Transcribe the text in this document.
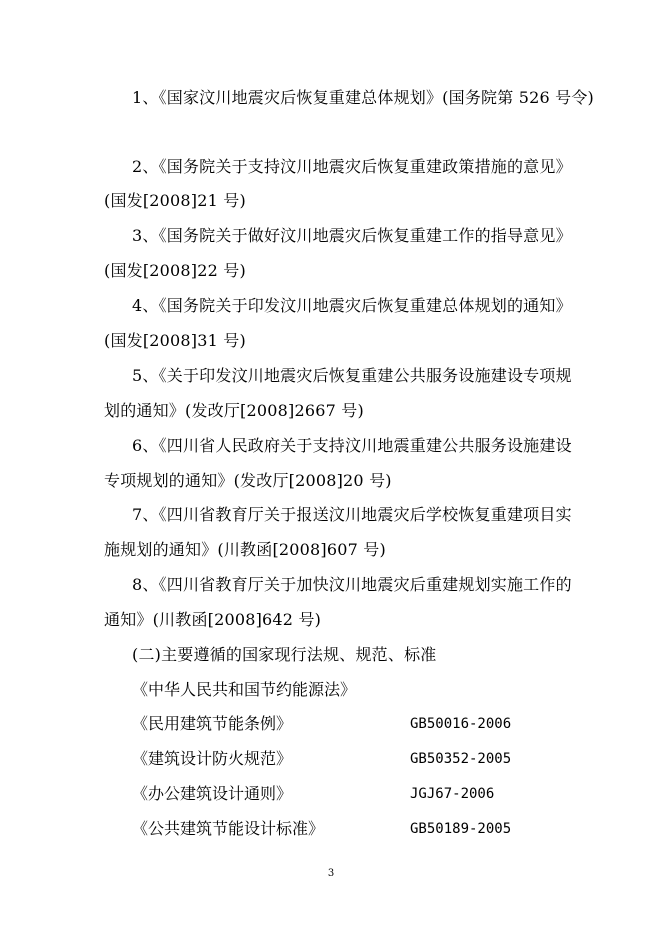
1、《国家汶川地震灾后恢复重建总体规划》(国务院第 526 号令)
2、《国务院关于支持汶川地震灾后恢复重建政策措施的意见》
(国发[2008]21 号)
3、《国务院关于做好汶川地震灾后恢复重建工作的指导意见》
(国发[2008]22 号)
4、《国务院关于印发汶川地震灾后恢复重建总体规划的通知》
(国发[2008]31 号)
5、《关于印发汶川地震灾后恢复重建公共服务设施建设专项规
划的通知》(发改厅[2008]2667 号)
6、《四川省人民政府关于支持汶川地震重建公共服务设施建设
专项规划的通知》(发改厅[2008]20 号)
7、《四川省教育厅关于报送汶川地震灾后学校恢复重建项目实
施规划的通知》(川教函[2008]607 号)
8、《四川省教育厅关于加快汶川地震灾后重建规划实施工作的
通知》(川教函[2008]642 号)
(二)主要遵循的国家现行法规、规范、标准
《中华人民共和国节约能源法》
《民用建筑节能条例》	GB50016-2006
《建筑设计防火规范》	GB50352-2005
《办公建筑设计通则》	JGJ67-2006
《公共建筑节能设计标准》	GB50189-2005
3
